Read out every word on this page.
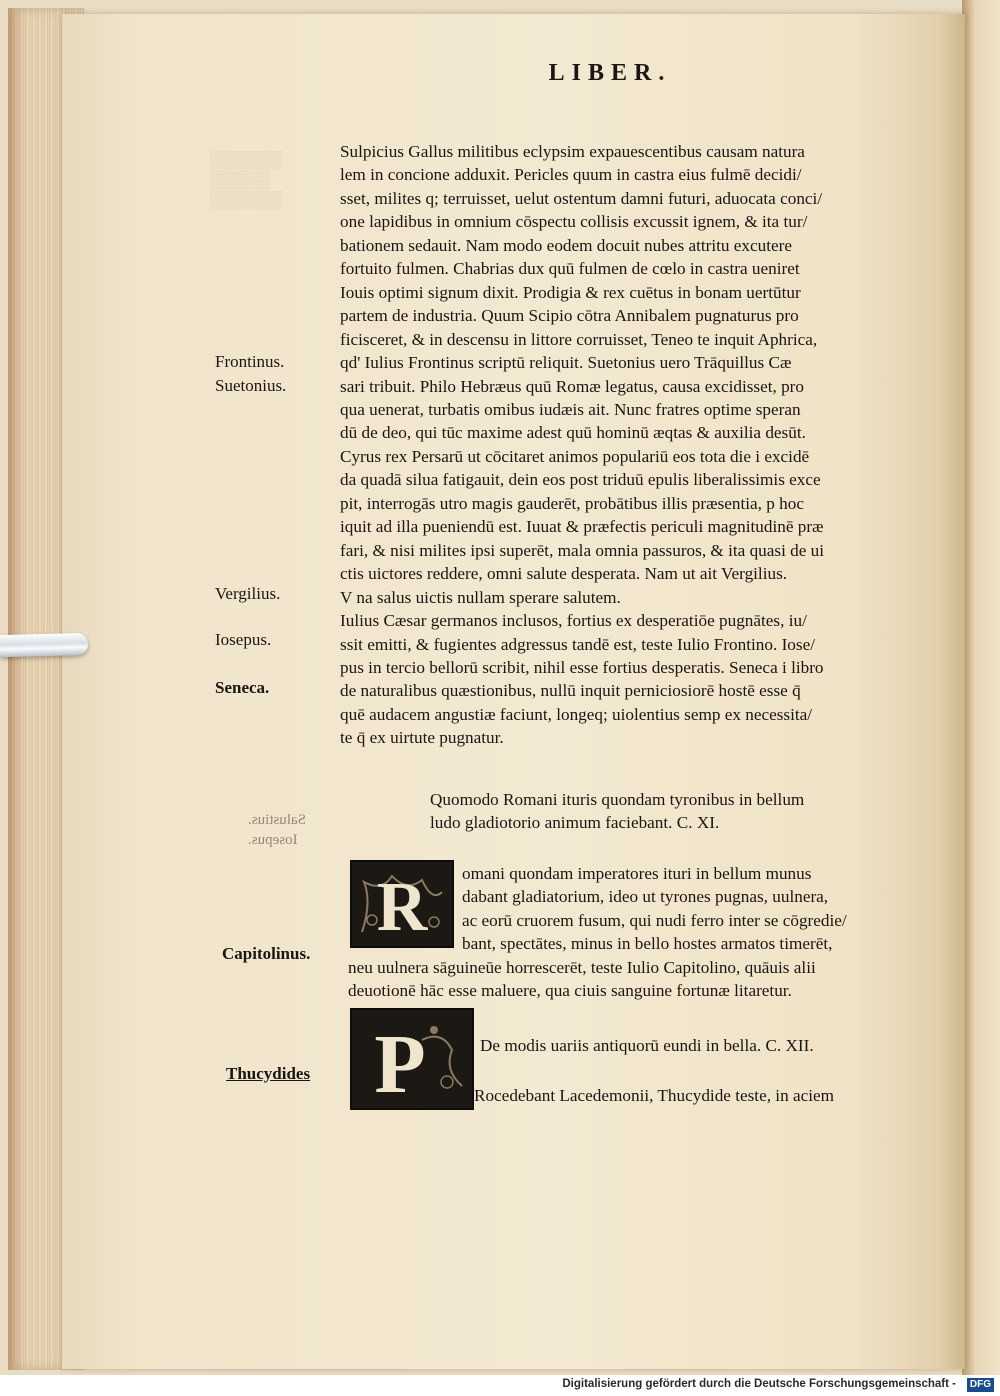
▒▒▒▒▒▒
▒▒▒▒▒
▒▒▒▒▒▒
LIBER.
Sulpicius Gallus militibus eclypsim expauescentibus causam natura
lem in concione adduxit. Pericles quum in castra eius fulmē decidi/
sset, milites q; terruisset, uelut ostentum damni futuri, aduocata conci/
one lapidibus in omnium cōspectu collisis excussit ignem, & ita tur/
bationem sedauit. Nam modo eodem docuit nubes attritu excutere
fortuito fulmen. Chabrias dux quū fulmen de cœlo in castra ueniret
Iouis optimi signum dixit. Prodigia & rex cuētus in bonam uertūtur
partem de industria. Quum Scipio cōtra Annibalem pugnaturus pro
ficisceret, & in descensu in littore corruisset, Teneo te inquit Aphrica,
qd' Iulius Frontinus scriptū reliquit. Suetonius uero Trāquillus Cæ
sari tribuit. Philo Hebræus quū Romæ legatus, causa excidisset, pro
qua uenerat, turbatis omibus iudæis ait. Nunc fratres optime speran
dū de deo, qui tūc maxime adest quū hominū æqtas & auxilia desūt.
Cyrus rex Persarū ut cōcitaret animos populariū eos tota die i excidē
da quadā silua fatigauit, dein eos post triduū epulis liberalissimis exce
pit, interrogās utro magis gauderēt, probātibus illis præsentia, p hoc
iquit ad illa pueniendū est. Iuuat & præfectis periculi magnitudinē præ
fari, & nisi milites ipsi superēt, mala omnia passuros, & ita quasi de ui
ctis uictores reddere, omni salute desperata. Nam ut ait Vergilius.
V na salus uictis nullam sperare salutem.
Iulius Cæsar germanos inclusos, fortius ex desperatiōe pugnātes, iu/
ssit emitti, & fugientes adgressus tandē est, teste Iulio Frontino. Iose/
pus in tercio bellorū scribit, nihil esse fortius desperatis. Seneca i libro
de naturalibus quæstionibus, nullū inquit perniciosiorē hostē esse q̄
quē audacem angustiæ faciunt, longeq; uiolentius semp ex necessita/
te q̄ ex uirtute pugnatur.
Frontinus.
Suetonius.
Vergilius.
Iosepus.
Seneca.
Capitolinus.
Thucydides
Salustius.
Iosepus.
Quomodo Romani ituris quondam tyronibus in bellum
ludo gladiotorio animum faciebant. C. XI.
R omani quondam imperatores ituri in bellum munus
dabant gladiatorium, ideo ut tyrones pugnas, uulnera,
ac eorū cruorem fusum, qui nudi ferro inter se cōgredie/
bant, spectātes, minus in bello hostes armatos timerēt,
neu uulnera sāguineūe horrescerēt, teste Iulio Capitolino, quāuis alii
deuotionē hāc esse maluere, qua ciuis sanguine fortunæ litaretur.
P	De modis uariis antiquorū eundi in bella. C. XII.
Rocedebant Lacedemonii, Thucydide teste, in aciem
Digitalisierung gefördert durch die Deutsche Forschungsgemeinschaft -	DFG
